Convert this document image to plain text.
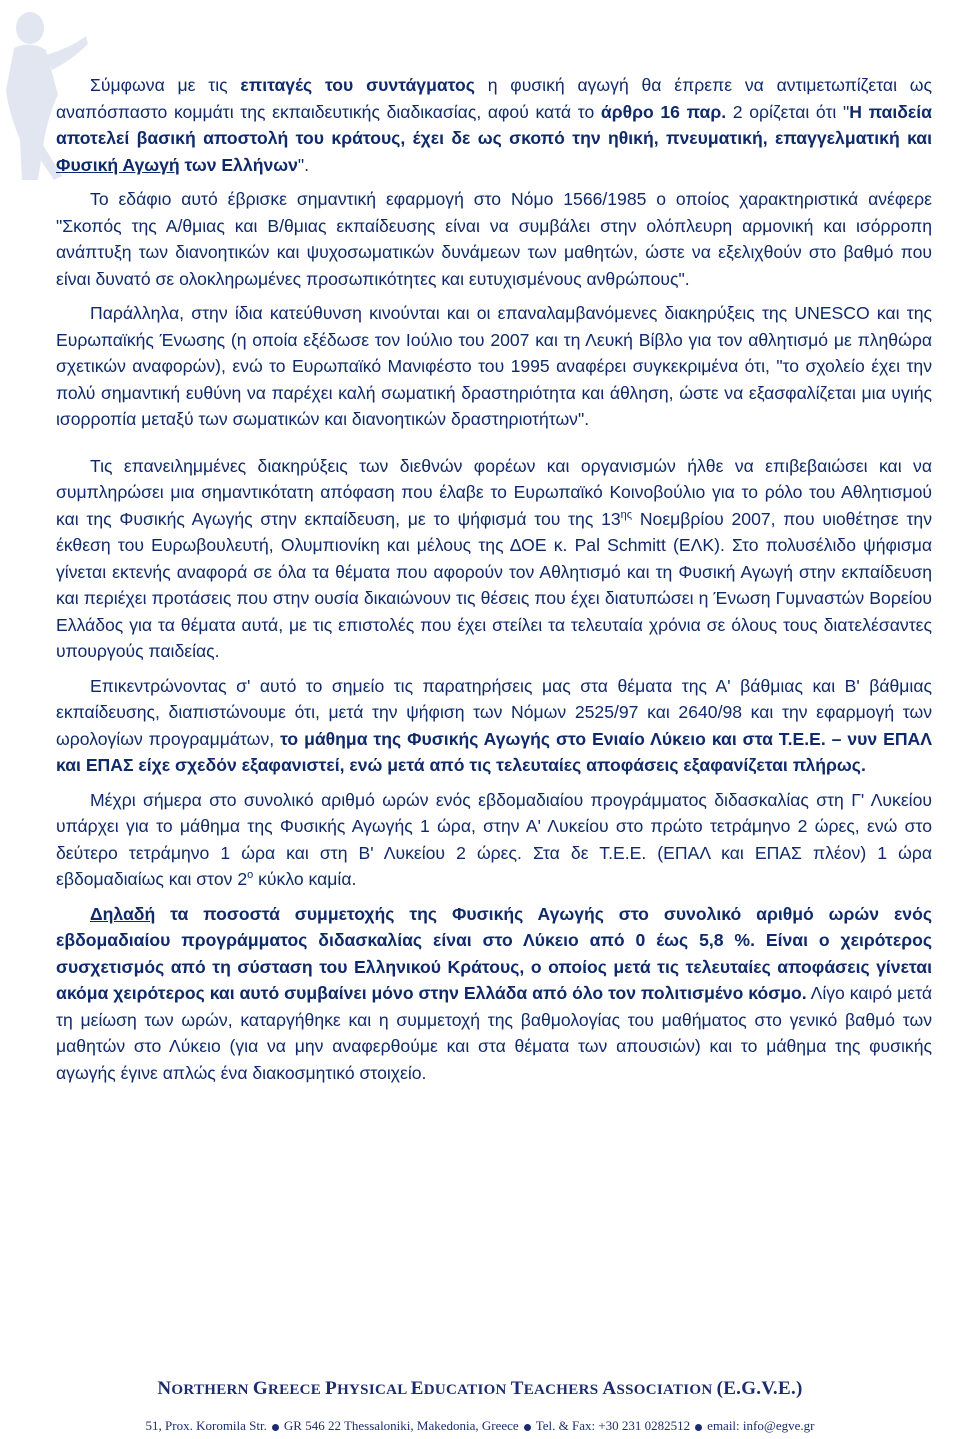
Σύμφωνα με τις επιταγές του συντάγματος η φυσική αγωγή θα έπρεπε να αντιμετωπίζεται ως αναπόσπαστο κομμάτι της εκπαιδευτικής διαδικασίας, αφού κατά το άρθρο 16 παρ. 2 ορίζεται ότι "Η παιδεία αποτελεί βασική αποστολή του κράτους, έχει δε ως σκοπό την ηθική, πνευματική, επαγγελματική και Φυσική Αγωγή των Ελλήνων".

Το εδάφιο αυτό έβρισκε σημαντική εφαρμογή στο Νόμο 1566/1985 ο οποίος χαρακτηριστικά ανέφερε "Σκοπός της Α/θμιας και Β/θμιας εκπαίδευσης είναι να συμβάλει στην ολόπλευρη αρμονική και ισόρροπη ανάπτυξη των διανοητικών και ψυχοσωματικών δυνάμεων των μαθητών, ώστε να εξελιχθούν στο βαθμό που είναι δυνατό σε ολοκληρωμένες προσωπικότητες και ευτυχισμένους ανθρώπους".

Παράλληλα, στην ίδια κατεύθυνση κινούνται και οι επαναλαμβανόμενες διακηρύξεις της UNESCO και της Ευρωπαϊκής Ένωσης (η οποία εξέδωσε τον Ιούλιο του 2007 και τη Λευκή Βίβλο για τον αθλητισμό με πληθώρα σχετικών αναφορών), ενώ το Ευρωπαϊκό Μανιφέστο του 1995 αναφέρει συγκεκριμένα ότι, "το σχολείο έχει την πολύ σημαντική ευθύνη να παρέχει καλή σωματική δραστηριότητα και άθληση, ώστε να εξασφαλίζεται μια υγιής ισορροπία μεταξύ των σωματικών και διανοητικών δραστηριοτήτων".

Τις επανειλημμένες διακηρύξεις των διεθνών φορέων και οργανισμών ήλθε να επιβεβαιώσει και να συμπληρώσει μια σημαντικότατη απόφαση που έλαβε το Ευρωπαϊκό Κοινοβούλιο για το ρόλο του Αθλητισμού και της Φυσικής Αγωγής στην εκπαίδευση, με το ψήφισμά του της $13^{\eta\varsigma}$ Νοεμβρίου 2007, που υιοθέτησε την έκθεση του Ευρωβουλευτή, Ολυμπιονίκη και μέλους της ΔΟΕ κ. Pal Schmitt (ΕΛΚ). Στο πολυσέλιδο ψήφισμα γίνεται εκτενής αναφορά σε όλα τα θέματα που αφορούν τον Αθλητισμό και τη Φυσική Αγωγή στην εκπαίδευση και περιέχει προτάσεις που στην ουσία δικαιώνουν τις θέσεις που έχει διατυπώσει η Ένωση Γυμναστών Βορείου Ελλάδος για τα θέματα αυτά, με τις επιστολές που έχει στείλει τα τελευταία χρόνια σε όλους τους διατελέσαντες υπουργούς παιδείας.

Επικεντρώνοντας σ' αυτό το σημείο τις παρατηρήσεις μας στα θέματα της Α' βάθμιας και Β' βάθμιας εκπαίδευσης, διαπιστώνουμε ότι, μετά την ψήφιση των Νόμων 2525/97 και 2640/98 και την εφαρμογή των ωρολογίων προγραμμάτων, το μάθημα της Φυσικής Αγωγής στο Ενιαίο Λύκειο και στα Τ.Ε.Ε. – νυν ΕΠΑΛ και ΕΠΑΣ είχε σχεδόν εξαφανιστεί, ενώ μετά από τις τελευταίες αποφάσεις εξαφανίζεται πλήρως.

Μέχρι σήμερα στο συνολικό αριθμό ωρών ενός εβδομαδιαίου προγράμματος διδασκαλίας στη Γ' Λυκείου υπάρχει για το μάθημα της Φυσικής Αγωγής 1 ώρα, στην Α' Λυκείου στο πρώτο τετράμηνο 2 ώρες, ενώ στο δεύτερο τετράμηνο 1 ώρα και στη Β' Λυκείου 2 ώρες. Στα δε Τ.Ε.Ε. (ΕΠΑΛ και ΕΠΑΣ πλέον) 1 ώρα εβδομαδιαίως και στον $2^o$ κύκλο καμία.

Δηλαδή τα ποσοστά συμμετοχής της Φυσικής Αγωγής στο συνολικό αριθμό ωρών ενός εβδομαδιαίου προγράμματος διδασκαλίας είναι στο Λύκειο από 0 έως 5,8 %. Είναι ο χειρότερος συσχετισμός από τη σύσταση του Ελληνικού Κράτους, ο οποίος μετά τις τελευταίες αποφάσεις γίνεται ακόμα χειρότερος και αυτό συμβαίνει μόνο στην Ελλάδα από όλο τον πολιτισμένο κόσμο. Λίγο καιρό μετά τη μείωση των ωρών, καταργήθηκε και η συμμετοχή της βαθμολογίας του μαθήματος στο γενικό βαθμό των μαθητών στο Λύκειο (για να μην αναφερθούμε και στα θέματα των απουσιών) και το μάθημα της φυσικής αγωγής έγινε απλώς ένα διακοσμητικό στοιχείο.

NORTHERN GREECE PHYSICAL EDUCATION TEACHERS ASSOCIATION (E.G.V.E.)
51, Prox. Koromila Str. GR 546 22 Thessaloniki, Makedonia, Greece Tel. & Fax: +30 231 0282512 email: info@egve.gr
